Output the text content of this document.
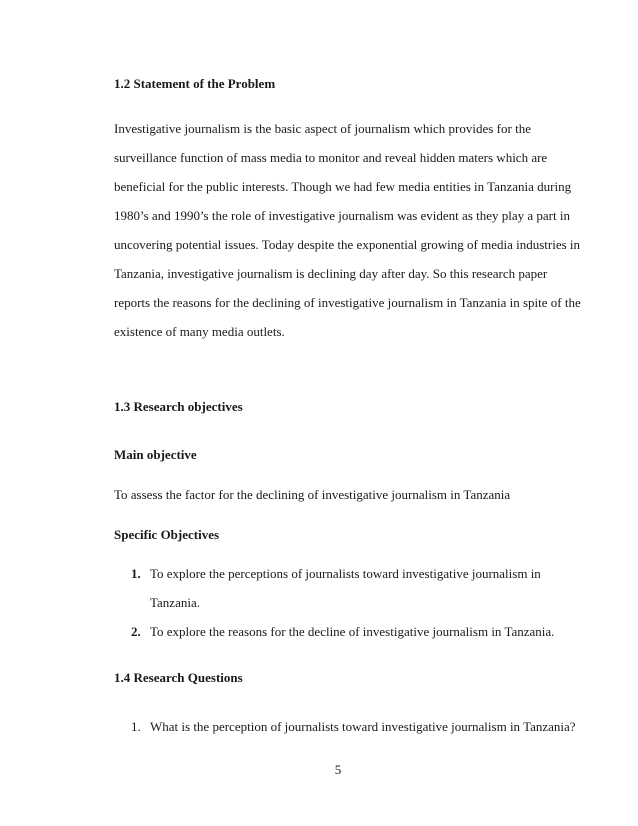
1.2 Statement of the Problem

Investigative journalism is the basic aspect of journalism which provides for the

surveillance function of mass media to monitor and reveal hidden maters which are

beneficial for the public interests. Though we had few media entities in Tanzania during

1980’s and 1990’s the role of investigative journalism was evident as they play a part in

uncovering potential issues. Today despite the exponential growing of media industries in

Tanzania, investigative journalism is declining day after day. So this research paper

reports the reasons for the declining of investigative journalism in Tanzania in spite of the

existence of many media outlets.

1.3 Research objectives

Main objective

To assess the factor for the declining of investigative journalism in Tanzania

Specific Objectives

1. To explore the perceptions of journalists toward investigative journalism in

Tanzania.

2. To explore the reasons for the decline of investigative journalism in Tanzania.

1.4 Research Questions

1. What is the perception of journalists toward investigative journalism in Tanzania?

5
